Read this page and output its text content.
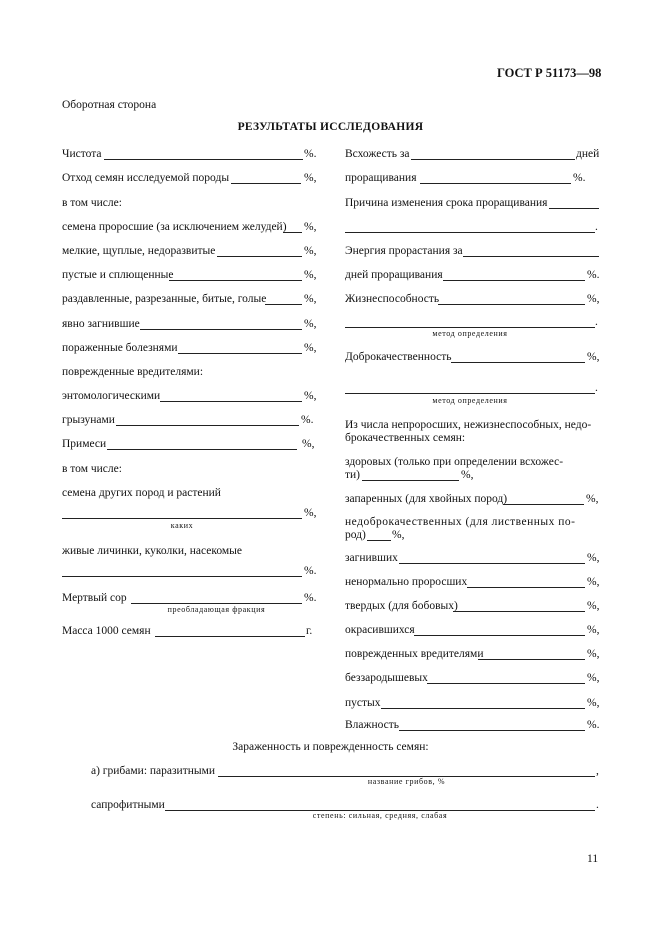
ГОСТ Р 51173—98
Оборотная сторона
РЕЗУЛЬТАТЫ ИССЛЕДОВАНИЯ
Чистота	%.
Отход семян исследуемой породы	%,
в том числе:
семена проросшие (за исключением желудей) %,
мелкие, щуплые, недоразвитые	%,
пустые и сплющенные	%,
раздавленные, разрезанные, битые, голые	%,
явно загнившие	%,
пораженные болезнями	%,
поврежденные вредителями:
энтомологическими	%,
грызунами	%.
Примеси	%,
в том числе:
семена других пород и растений
%,
каких
живые личинки, куколки, насекомые
%.
Мертвый сор	%.
преобладающая фракция
Масса 1000 семян	г.
Всхожесть за	дней
проращивания	%.
Причина изменения срока проращивания
.
Энергия прорастания за
дней проращивания	%.
Жизнеспособность	%,
.
метод определения
Доброкачественность	%,
.
метод определения
Из числа непроросших, нежизнеспособных, недо-
брокачественных семян:
здоровых (только при определении всхожес-
ти)	%,
запаренных (для хвойных пород)	%,
недоброкачественных (для лиственных по-
род) %,
загнивших	%,
ненормально проросших	%,
твердых (для бобовых)	%,
окрасившихся	%,
поврежденных вредителями	%,
беззародышевых	%,
пустых	%,
Влажность	%.
Зараженность и поврежденность семян:
а) грибами: паразитными	,
название грибов, %
сапрофитными	.
степень: сильная, средняя, слабая
11
